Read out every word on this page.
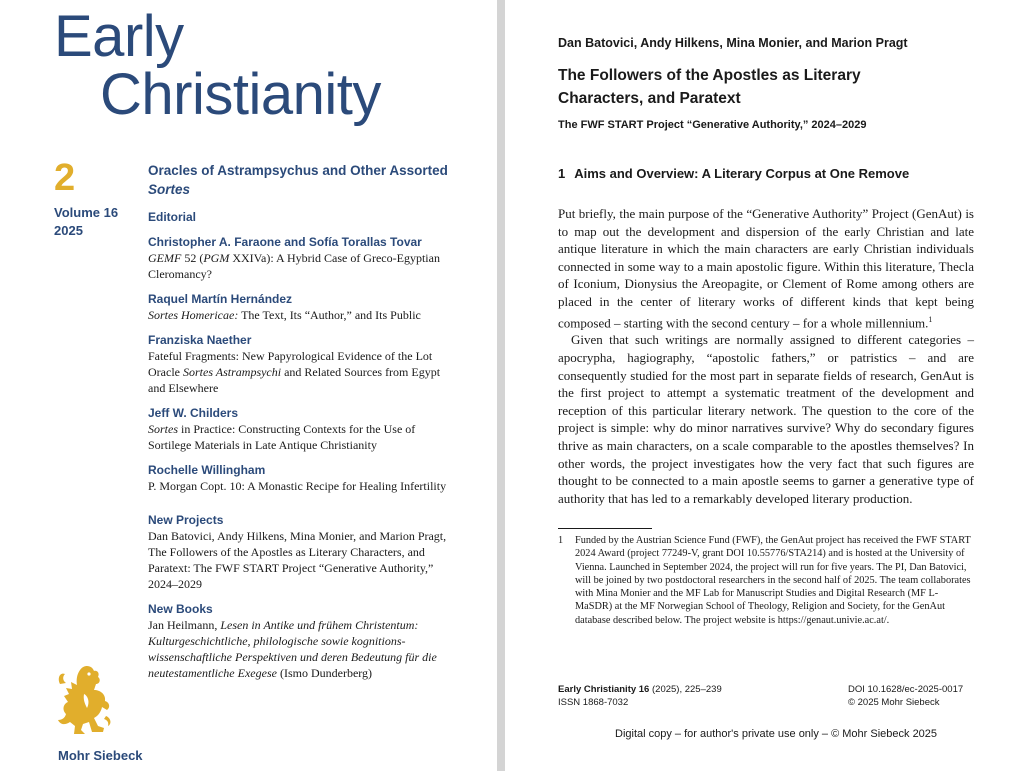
Early
Christianity
2
Volume 16
2025
Oracles of Astrampsychus and Other Assorted Sortes
Editorial
Christopher A. Faraone and Sofía Torallas Tovar
GEMF 52 (PGM XXIVa): A Hybrid Case of Greco-Egyptian Cleromancy?
Raquel Martín Hernández
Sortes Homericae: The Text, Its “Author,” and Its Public
Franziska Naether
Fateful Fragments: New Papyrological Evidence of the Lot Oracle Sortes Astrampsychi and Related Sources from Egypt and Elsewhere
Jeff W. Childers
Sortes in Practice: Constructing Contexts for the Use of Sortilege Materials in Late Antique Christianity
Rochelle Willingham
P. Morgan Copt. 10: A Monastic Recipe for Healing Infertility
New Projects
Dan Batovici, Andy Hilkens, Mina Monier, and Marion Pragt, The Followers of the Apostles as Literary Characters, and Paratext: The FWF START Project “Generative Authority,” 2024–2029
New Books
Jan Heilmann, Lesen in Antike und frühem Christentum: Kulturgeschichtliche, philologische sowie kognitions-wissenschaftliche Perspektiven und deren Bedeutung für die neutestamentliche Exegese (Ismo Dunderberg)
Mohr Siebeck
Dan Batovici, Andy Hilkens, Mina Monier, and Marion Pragt
The Followers of the Apostles as Literary Characters, and Paratext
The FWF START Project “Generative Authority,” 2024–2029
1 Aims and Overview: A Literary Corpus at One Remove

Put briefly, the main purpose of the “Generative Authority” Project (GenAut) is to map out the development and dispersion of the early Christian and late antique literature in which the main characters are early Christian individuals connected in some way to a main apostolic figure. Within this literature, Thecla of Iconium, Dionysius the Areopagite, or Clement of Rome among others are placed in the center of literary works of different kinds that kept being composed – starting with the second century – for a whole millennium.$^1$

Given that such writings are normally assigned to different categories – apocrypha, hagiography, “apostolic fathers,” or patristics – and are consequently studied for the most part in separate fields of research, GenAut is the first project to attempt a systematic treatment of the development and reception of this particular literary network. The question to the core of the project is simple: why do minor narratives survive? Why do secondary figures thrive as main characters, on a scale comparable to the apostles themselves? In other words, the project investigates how the very fact that such figures are thought to be connected to a main apostle seems to garner a generative type of authority that has led to a remarkably developed literary production.

1	Funded by the Austrian Science Fund (FWF), the GenAut project has received the FWF START 2024 Award (project 77249-V, grant DOI 10.55776/STA214) and is hosted at the University of Vienna. Launched in September 2024, the project will run for five years. The PI, Dan Batovici, will be joined by two postdoctoral researchers in the second half of 2025. The team collaborates with Mina Monier and the MF Lab for Manuscript Studies and Digital Research (MF L-MaSDR) at the MF Norwegian School of Theology, Religion and Society, for the GenAut database described below. The project website is https://genaut.univie.ac.at/.
Early Christianity 16 (2025), 225–239
ISSN 1868-7032
DOI 10.1628/ec-2025-0017
© 2025 Mohr Siebeck
Digital copy – for author's private use only – © Mohr Siebeck 2025
